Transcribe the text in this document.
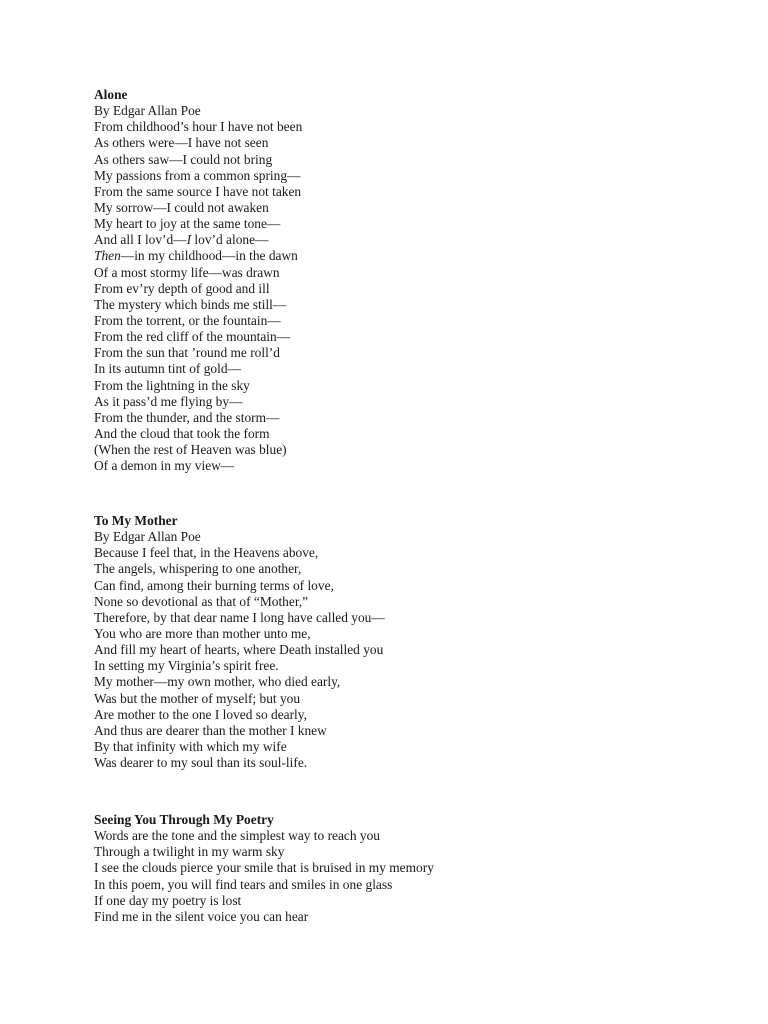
Alone
By Edgar Allan Poe
From childhood’s hour I have not been
As others were—I have not seen
As others saw—I could not bring
My passions from a common spring—
From the same source I have not taken
My sorrow—I could not awaken
My heart to joy at the same tone—
And all I lov’d—I lov’d alone—
Then—in my childhood—in the dawn
Of a most stormy life—was drawn
From ev’ry depth of good and ill
The mystery which binds me still—
From the torrent, or the fountain—
From the red cliff of the mountain—
From the sun that ’round me roll’d
In its autumn tint of gold—
From the lightning in the sky
As it pass’d me flying by—
From the thunder, and the storm—
And the cloud that took the form
(When the rest of Heaven was blue)
Of a demon in my view—
To My Mother
By Edgar Allan Poe
Because I feel that, in the Heavens above,
The angels, whispering to one another,
Can find, among their burning terms of love,
None so devotional as that of “Mother,”
Therefore, by that dear name I long have called you—
You who are more than mother unto me,
And fill my heart of hearts, where Death installed you
In setting my Virginia’s spirit free.
My mother—my own mother, who died early,
Was but the mother of myself; but you
Are mother to the one I loved so dearly,
And thus are dearer than the mother I knew
By that infinity with which my wife
Was dearer to my soul than its soul-life.
Seeing You Through My Poetry
Words are the tone and the simplest way to reach you
Through a twilight in my warm sky
I see the clouds pierce your smile that is bruised in my memory
In this poem, you will find tears and smiles in one glass
If one day my poetry is lost
Find me in the silent voice you can hear
